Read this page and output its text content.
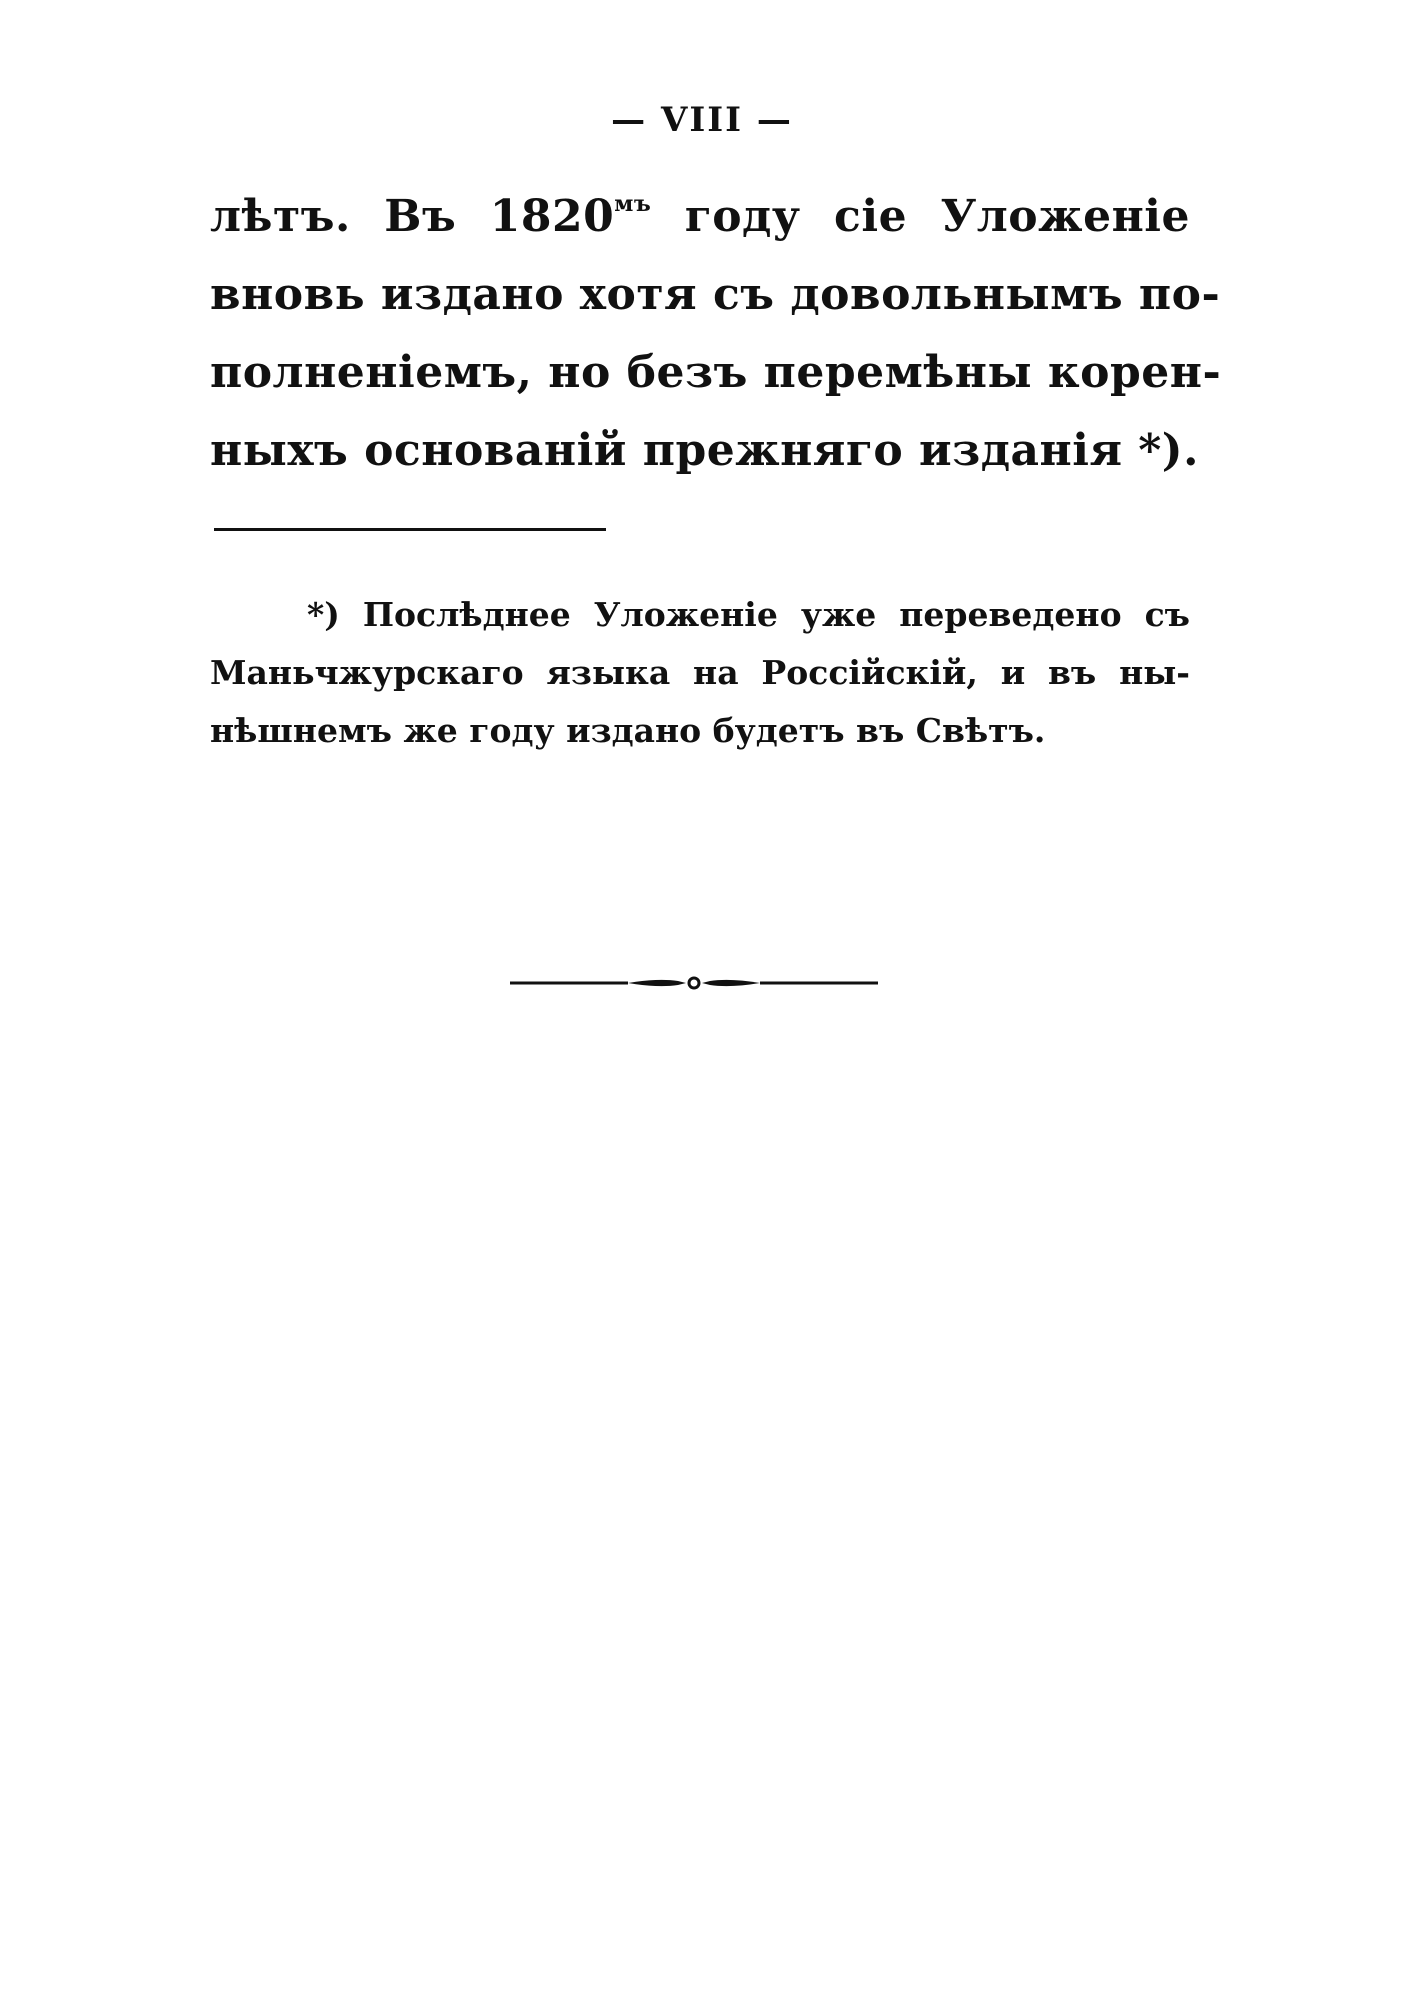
— VIII —
лѣтъ. Въ $1820^{мъ}$ году сіе Уложеніе
вновь издано хотя съ довольнымъ по-
полненіемъ, но безъ перемѣны корен-
ныхъ основаній прежняго изданія *).
*) Послѣднее Уложеніе уже переведено съ
Маньчжурскаго языка на Россійскій, и въ ны-
нѣшнемъ же году издано будетъ въ Свѣтъ.
